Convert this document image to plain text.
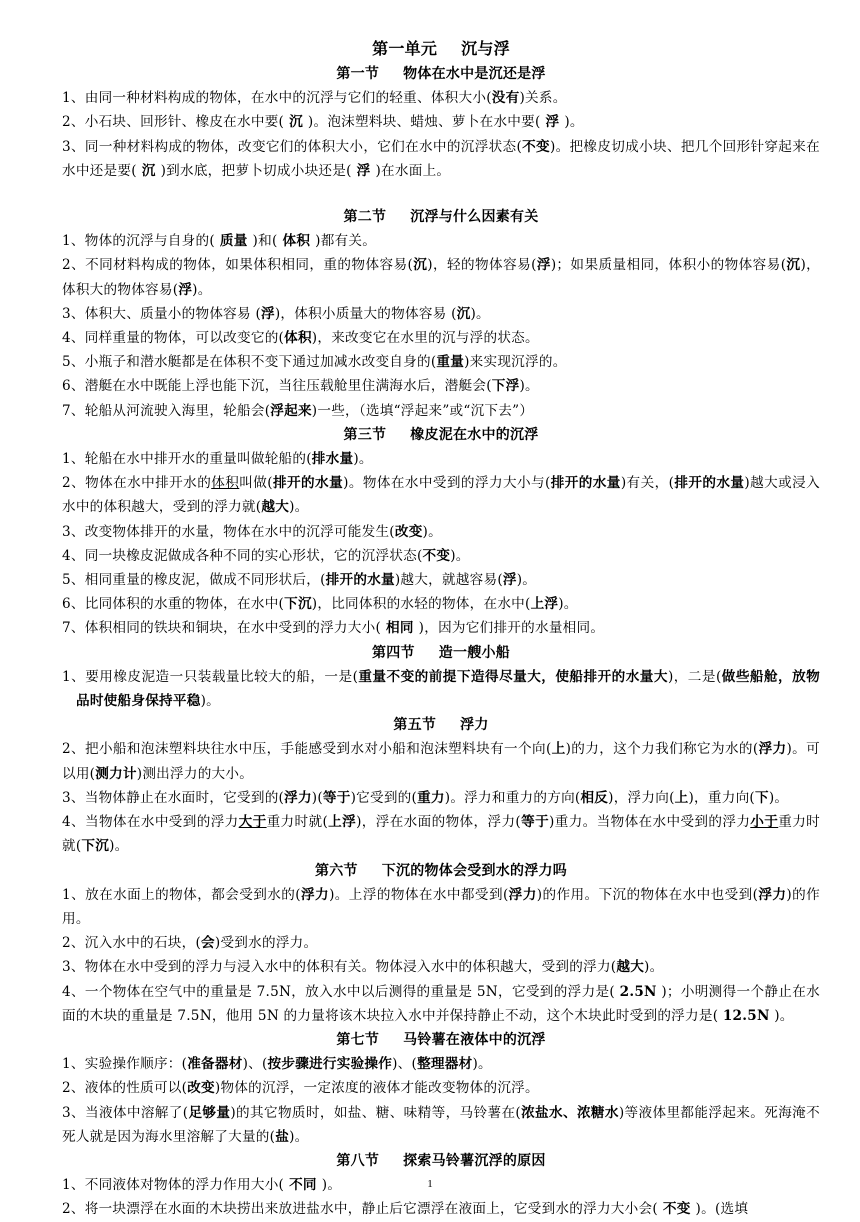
第一单元 沉与浮
第一节 物体在水中是沉还是浮

1、由同一种材料构成的物体，在水中的沉浮与它们的轻重、体积大小(没有)关系。

2、小石块、回形针、橡皮在水中要( 沉 )。泡沫塑料块、蜡烛、萝卜在水中要( 浮 )。

3、同一种材料构成的物体，改变它们的体积大小，它们在水中的沉浮状态(不变)。把橡皮切成小块、把几个回形针穿起来在水中还是要( 沉 )到水底，把萝卜切成小块还是( 浮 )在水面上。

第二节 沉浮与什么因素有关

1、物体的沉浮与自身的( 质量 )和( 体积 )都有关。

2、不同材料构成的物体，如果体积相同，重的物体容易(沉)，轻的物体容易(浮)；如果质量相同，体积小的物体容易(沉)，体积大的物体容易(浮)。

3、体积大、质量小的物体容易 (浮)，体积小质量大的物体容易 (沉)。

4、同样重量的物体，可以改变它的(体积)，来改变它在水里的沉与浮的状态。

5、小瓶子和潜水艇都是在体积不变下通过加减水改变自身的(重量)来实现沉浮的。

6、潜艇在水中既能上浮也能下沉，当往压载舱里住满海水后，潜艇会(下浮)。

7、轮船从河流驶入海里，轮船会(浮起来)一些，（选填“浮起来”或“沉下去”）

第三节 橡皮泥在水中的沉浮

1、轮船在水中排开水的重量叫做轮船的(排水量)。

2、物体在水中排开水的体积叫做(排开的水量)。物体在水中受到的浮力大小与(排开的水量)有关，(排开的水量)越大或浸入水中的体积越大，受到的浮力就(越大)。

3、改变物体排开的水量，物体在水中的沉浮可能发生(改变)。

4、同一块橡皮泥做成各种不同的实心形状，它的沉浮状态(不变)。

5、相同重量的橡皮泥，做成不同形状后，(排开的水量)越大，就越容易(浮)。

6、比同体积的水重的物体，在水中(下沉)，比同体积的水轻的物体，在水中(上浮)。

7、体积相同的铁块和铜块，在水中受到的浮力大小( 相同 )，因为它们排开的水量相同。

第四节 造一艘小船

1、要用橡皮泥造一只装载量比较大的船，一是(重量不变的前提下造得尽量大，使船排开的水量大)，二是(做些船舱，放物品时使船身保持平稳)。

第五节 浮力

2、把小船和泡沫塑料块往水中压，手能感受到水对小船和泡沫塑料块有一个向(上)的力，这个力我们称它为水的(浮力)。可以用(测力计)测出浮力的大小。

3、当物体静止在水面时，它受到的(浮力)(等于)它受到的(重力)。浮力和重力的方向(相反)，浮力向(上)，重力向(下)。

4、当物体在水中受到的浮力大于重力时就(上浮)，浮在水面的物体，浮力(等于)重力。当物体在水中受到的浮力小于重力时就(下沉)。

第六节 下沉的物体会受到水的浮力吗

1、放在水面上的物体，都会受到水的(浮力)。上浮的物体在水中都受到(浮力)的作用。下沉的物体在水中也受到(浮力)的作用。

2、沉入水中的石块，(会)受到水的浮力。

3、物体在水中受到的浮力与浸入水中的体积有关。物体浸入水中的体积越大，受到的浮力(越大)。

4、一个物体在空气中的重量是 7.5N，放入水中以后测得的重量是 5N，它受到的浮力是( 2.5N )；小明测得一个静止在水面的木块的重量是 7.5N，他用 5N 的力量将该木块拉入水中并保持静止不动，这个木块此时受到的浮力是( 12.5N )。

第七节 马铃薯在液体中的沉浮

1、实验操作顺序：(准备器材)、(按步骤进行实验操作)、(整理器材)。

2、液体的性质可以(改变)物体的沉浮，一定浓度的液体才能改变物体的沉浮。

3、当液体中溶解了(足够量)的其它物质时，如盐、糖、味精等，马铃薯在(浓盐水、浓糖水)等液体里都能浮起来。死海淹不死人就是因为海水里溶解了大量的(盐)。

第八节 探索马铃薯沉浮的原因

1、不同液体对物体的浮力作用大小( 不同 )。

2、将一块漂浮在水面的木块捞出来放进盐水中，静止后它漂浮在液面上，它受到水的浮力大小会( 不变 )。(选填

1
